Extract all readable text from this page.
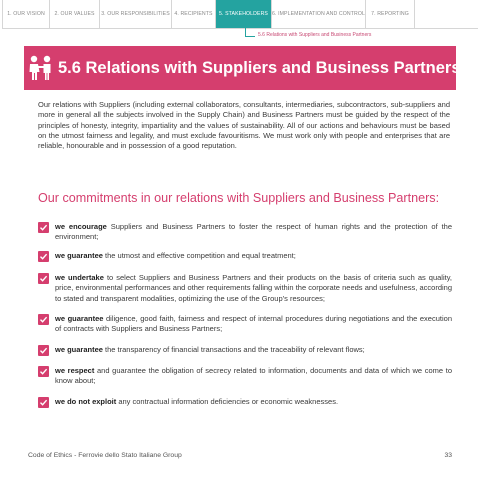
1. OUR VISION	2. OUR VALUES	3. OUR RESPONSIBILITIES 4. RECIPIENTS	5. STAKEHOLDERS 6. IMPLEMENTATION AND CONTROL	7. REPORTING
5.6 Relations with Suppliers and Business Partners
5.6 Relations with Suppliers and Business Partners

Our relations with Suppliers (including external collaborators, consultants, intermediaries, subcontractors, sub-suppliers and more in general all the subjects involved in the Supply Chain) and Business Partners must be guided by the respect of the principles of honesty, integrity, impartiality and the values of sustainability. All of our actions and behaviours must be based on the utmost fairness and legality, and must exclude favouritisms. We must work only with people and enterprises that are reliable, honourable and in possession of a good reputation.

Our commitments in our relations with Suppliers and Business Partners:
we encourage Suppliers and Business Partners to foster the respect of human rights and the protection of the environment;
we guarantee the utmost and effective competition and equal treatment;
we undertake to select Suppliers and Business Partners and their products on the basis of criteria such as quality, price, environmental performances and other requirements falling within the corporate needs and usefulness, according to stated and transparent modalities, optimizing the use of the Group’s resources;
we guarantee diligence, good faith, fairness and respect of internal procedures during negotiations and the execution of contracts with Suppliers and Business Partners;
we guarantee the transparency of financial transactions and the traceability of relevant flows;
we respect and guarantee the obligation of secrecy related to information, documents and data of which we come to know about;
we do not exploit any contractual information deficiencies or economic weaknesses.
Code of Ethics - Ferrovie dello Stato Italiane Group	33
